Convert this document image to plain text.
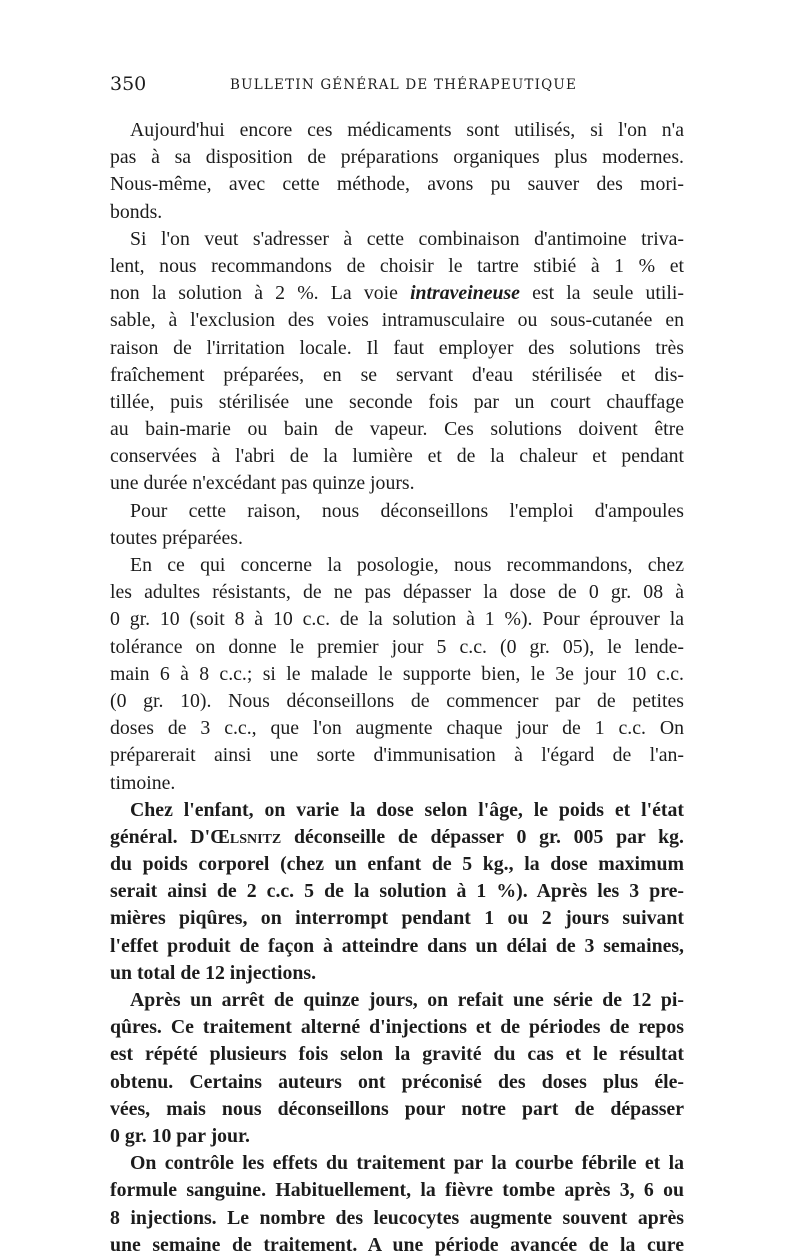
350	BULLETIN GÉNÉRAL DE THÉRAPEUTIQUE
Aujourd'hui encore ces médicaments sont utilisés, si l'on n'a
pas à sa disposition de préparations organiques plus modernes.
Nous-même, avec cette méthode, avons pu sauver des mori-
bonds.
Si l'on veut s'adresser à cette combinaison d'antimoine triva-
lent, nous recommandons de choisir le tartre stibié à 1 % et
non la solution à 2 %. La voie intraveineuse est la seule utili-
sable, à l'exclusion des voies intramusculaire ou sous-cutanée en
raison de l'irritation locale. Il faut employer des solutions très
fraîchement préparées, en se servant d'eau stérilisée et dis-
tillée, puis stérilisée une seconde fois par un court chauffage
au bain-marie ou bain de vapeur. Ces solutions doivent être
conservées à l'abri de la lumière et de la chaleur et pendant
une durée n'excédant pas quinze jours.
Pour cette raison, nous déconseillons l'emploi d'ampoules
toutes préparées.
En ce qui concerne la posologie, nous recommandons, chez
les adultes résistants, de ne pas dépasser la dose de 0 gr. 08 à
0 gr. 10 (soit 8 à 10 c.c. de la solution à 1 %). Pour éprouver la
tolérance on donne le premier jour 5 c.c. (0 gr. 05), le lende-
main 6 à 8 c.c.; si le malade le supporte bien, le 3e jour 10 c.c.
(0 gr. 10). Nous déconseillons de commencer par de petites
doses de 3 c.c., que l'on augmente chaque jour de 1 c.c. On
préparerait ainsi une sorte d'immunisation à l'égard de l'an-
timoine.
Chez l'enfant, on varie la dose selon l'âge, le poids et l'état
général. D'Œlsnitz déconseille de dépasser 0 gr. 005 par kg.
du poids corporel (chez un enfant de 5 kg., la dose maximum
serait ainsi de 2 c.c. 5 de la solution à 1 %). Après les 3 pre-
mières piqûres, on interrompt pendant 1 ou 2 jours suivant
l'effet produit de façon à atteindre dans un délai de 3 semaines,
un total de 12 injections.
Après un arrêt de quinze jours, on refait une série de 12 pi-
qûres. Ce traitement alterné d'injections et de périodes de repos
est répété plusieurs fois selon la gravité du cas et le résultat
obtenu. Certains auteurs ont préconisé des doses plus éle-
vées, mais nous déconseillons pour notre part de dépasser
0 gr. 10 par jour.
On contrôle les effets du traitement par la courbe fébrile et la
formule sanguine. Habituellement, la fièvre tombe après 3, 6 ou
8 injections. Le nombre des leucocytes augmente souvent après
une semaine de traitement. A une période avancée de la cure
